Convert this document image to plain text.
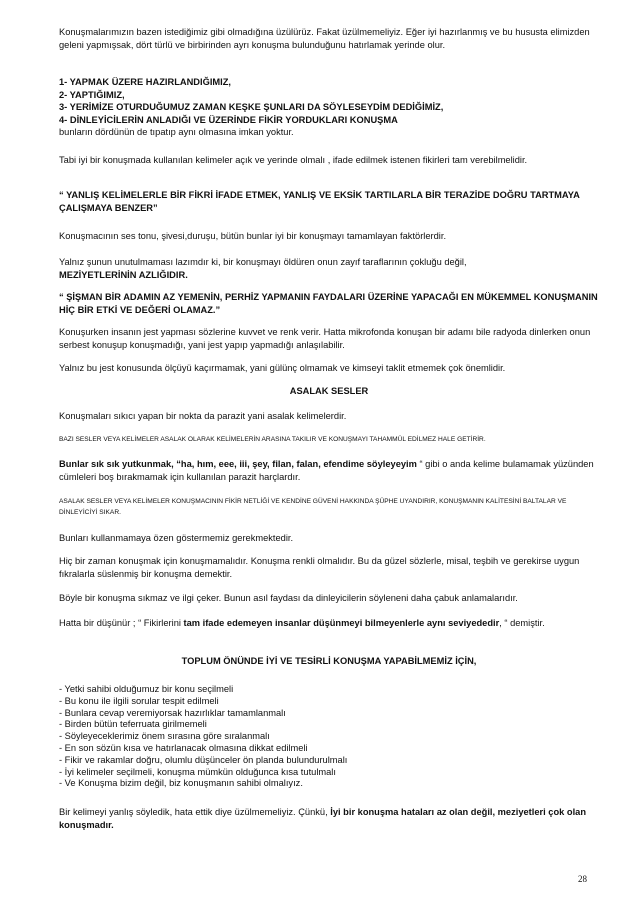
Konuşmalarımızın bazen istediğimiz gibi olmadığına üzülürüz. Fakat üzülmemeliyiz. Eğer iyi hazırlanmış ve bu hususta elimizden geleni yapmışsak, dört türlü ve birbirinden ayrı konuşma bulunduğunu hatırlamak yerinde olur.

1- YAPMAK ÜZERE HAZIRLANDIĞIMIZ,
2- YAPTIĞIMIZ,
3- YERİMİZE OTURDUĞUMUZ ZAMAN KEŞKE ŞUNLARI DA SÖYLESEYDİM DEDİĞİMİZ,
4- DİNLEYİCİLERİN ANLADIĞI VE ÜZERİNDE FİKİR YORDUKLARI KONUŞMA
bunların dördünün de tıpatıp aynı olmasına imkan yoktur.

Tabi iyi bir konuşmada kullanılan kelimeler açık ve yerinde olmalı , ifade edilmek istenen fikirleri tam verebilmelidir.

“ YANLIŞ KELİMELERLE BİR FİKRİ İFADE ETMEK, YANLIŞ VE EKSİK TARTILARLA BİR TERAZİDE DOĞRU TARTMAYA ÇALIŞMAYA BENZER”

Konuşmacının ses tonu, şivesi,duruşu, bütün bunlar iyi bir konuşmayı tamamlayan faktörlerdir.

Yalnız şunun unutulmaması lazımdır ki, bir konuşmayı öldüren onun zayıf taraflarının çokluğu değil,
MEZİYETLERİNİN AZLIĞIDIR.

“ ŞİŞMAN BİR ADAMIN AZ YEMENİN, PERHİZ YAPMANIN FAYDALARI ÜZERİNE YAPACAĞI EN MÜKEMMEL KONUŞMANIN HİÇ BİR ETKİ VE DEĞERİ OLAMAZ.”

Konuşurken insanın jest yapması sözlerine kuvvet ve renk verir. Hatta mikrofonda konuşan bir adamı bile radyoda dinlerken onun serbest konuşup konuşmadığı, yani jest yapıp yapmadığı anlaşılabilir.

Yalnız bu jest konusunda ölçüyü kaçırmamak, yani gülünç olmamak ve kimseyi taklit etmemek çok önemlidir.

ASALAK SESLER

Konuşmaları sıkıcı yapan bir nokta da parazit yani asalak kelimelerdir.

BAZI SESLER VEYA KELİMELER ASALAK OLARAK KELİMELERİN ARASINA TAKILIR VE KONUŞMAYI TAHAMMÜL EDİLMEZ HALE GETİRİR.

Bunlar sık sık yutkunmak, “ha, hım, eee, iii, şey, filan, falan, efendime söyleyeyim “ gibi o anda kelime bulamamak yüzünden cümleleri boş bırakmamak için kullanılan parazit harçlardır.

ASALAK SESLER VEYA KELİMELER KONUŞMACININ FİKİR NETLİĞİ VE KENDİNE GÜVENİ HAKKINDA ŞÜPHE UYANDIRIR, KONUŞMANIN KALİTESİNİ BALTALAR VE DİNLEYİCİYİ SIKAR.

Bunları kullanmamaya özen göstermemiz gerekmektedir.

Hiç bir zaman konuşmak için konuşmamalıdır. Konuşma renkli olmalıdır. Bu da güzel sözlerle, misal, teşbih ve gerekirse uygun fıkralarla süslenmiş bir konuşma demektir.

Böyle bir konuşma sıkmaz ve ilgi çeker. Bunun asıl faydası da dinleyicilerin söyleneni daha çabuk anlamalarıdır.

Hatta bir düşünür ; “ Fikirlerini tam ifade edemeyen insanlar düşünmeyi bilmeyenlerle aynı seviyededir, “ demiştir.

TOPLUM ÖNÜNDE İYİ VE TESİRLİ KONUŞMA YAPABİLMEMİZ İÇİN,

- Yetki sahibi olduğumuz bir konu seçilmeli
- Bu konu ile ilgili sorular tespit edilmeli
- Bunlara cevap veremiyorsak hazırlıklar tamamlanmalı
- Birden bütün teferruata girilmemeli
- Söyleyeceklerimiz önem sırasına göre sıralanmalı
- En son sözün kısa ve hatırlanacak olmasına dikkat edilmeli
- Fikir ve rakamlar doğru, olumlu düşünceler ön planda bulundurulmalı
- İyi kelimeler seçilmeli, konuşma mümkün olduğunca kısa tutulmalı
- Ve Konuşma bizim değil, biz konuşmanın sahibi olmalıyız.

Bir kelimeyi yanlış söyledik, hata ettik diye üzülmemeliyiz. Çünkü, İyi bir konuşma hataları az olan değil, meziyetleri çok olan konuşmadır.

28
